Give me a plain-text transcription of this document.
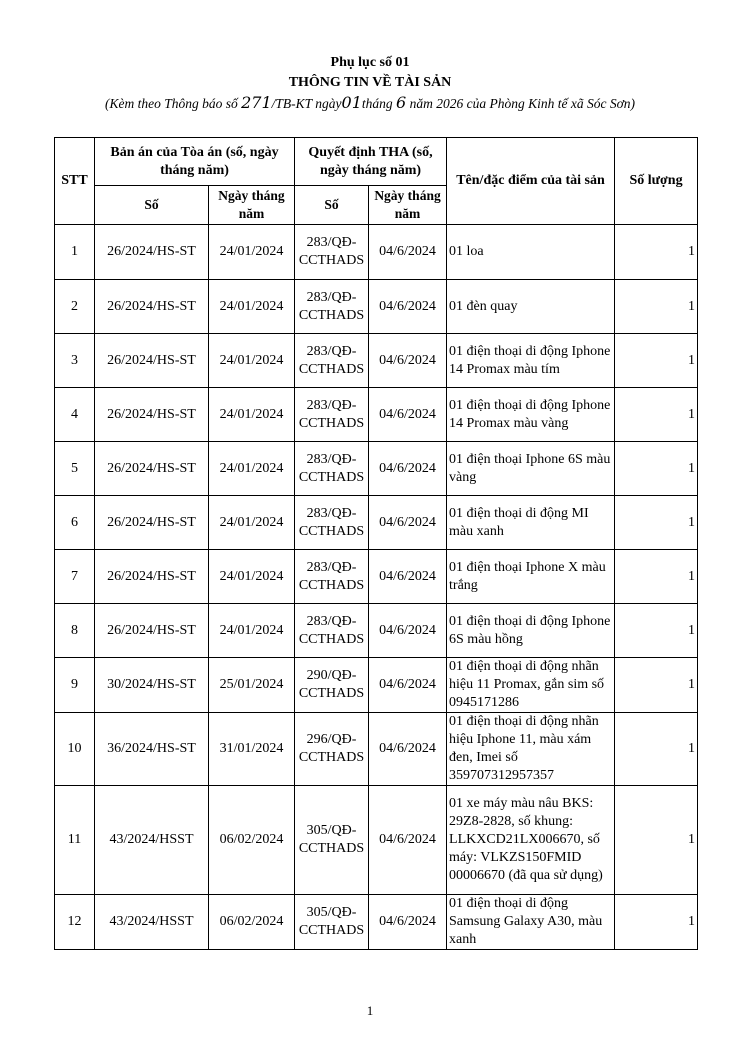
Phụ lục số 01
THÔNG TIN VỀ TÀI SẢN
(Kèm theo Thông báo số 271/TB-KT ngày01tháng 6 năm 2026 của Phòng Kinh tế xã Sóc Sơn)
STT	Bản án của Tòa án (số, ngày tháng năm)		Quyết định THA (số, ngày tháng năm)		Tên/đặc điểm của tài sản	Số lượng
	Số	Ngày tháng năm	Số	Ngày tháng năm		
1	26/2024/HS-ST	24/01/2024	283/QĐ-CCTHADS	04/6/2024	01 loa	1
2	26/2024/HS-ST	24/01/2024	283/QĐ-CCTHADS	04/6/2024	01 đèn quay	1
3	26/2024/HS-ST	24/01/2024	283/QĐ-CCTHADS	04/6/2024	01 điện thoại di động Iphone 14 Promax màu tím	1
4	26/2024/HS-ST	24/01/2024	283/QĐ-CCTHADS	04/6/2024	01 điện thoại di động Iphone 14 Promax màu vàng	1
5	26/2024/HS-ST	24/01/2024	283/QĐ-CCTHADS	04/6/2024	01 điện thoại Iphone 6S màu vàng	1
6	26/2024/HS-ST	24/01/2024	283/QĐ-CCTHADS	04/6/2024	01 điện thoại di động MI màu xanh	1
7	26/2024/HS-ST	24/01/2024	283/QĐ-CCTHADS	04/6/2024	01 điện thoại Iphone X màu trắng	1
8	26/2024/HS-ST	24/01/2024	283/QĐ-CCTHADS	04/6/2024	01 điện thoại di động Iphone 6S màu hồng	1
9	30/2024/HS-ST	25/01/2024	290/QĐ-CCTHADS	04/6/2024	01 điện thoại di động nhãn hiệu 11 Promax, gắn sim số 0945171286	1
10	36/2024/HS-ST	31/01/2024	296/QĐ-CCTHADS	04/6/2024	01 điện thoại di động nhãn hiệu Iphone 11, màu xám đen, Imei số 359707312957357	1
11	43/2024/HSST	06/02/2024	305/QĐ-CCTHADS	04/6/2024	01 xe máy màu nâu BKS: 29Z8-2828, số khung: LLKXCD21LX006670, số máy: VLKZS150FMID 00006670 (đã qua sử dụng)	1
12	43/2024/HSST	06/02/2024	305/QĐ-CCTHADS	04/6/2024	01 điện thoại di động Samsung Galaxy A30, màu xanh	1
1
